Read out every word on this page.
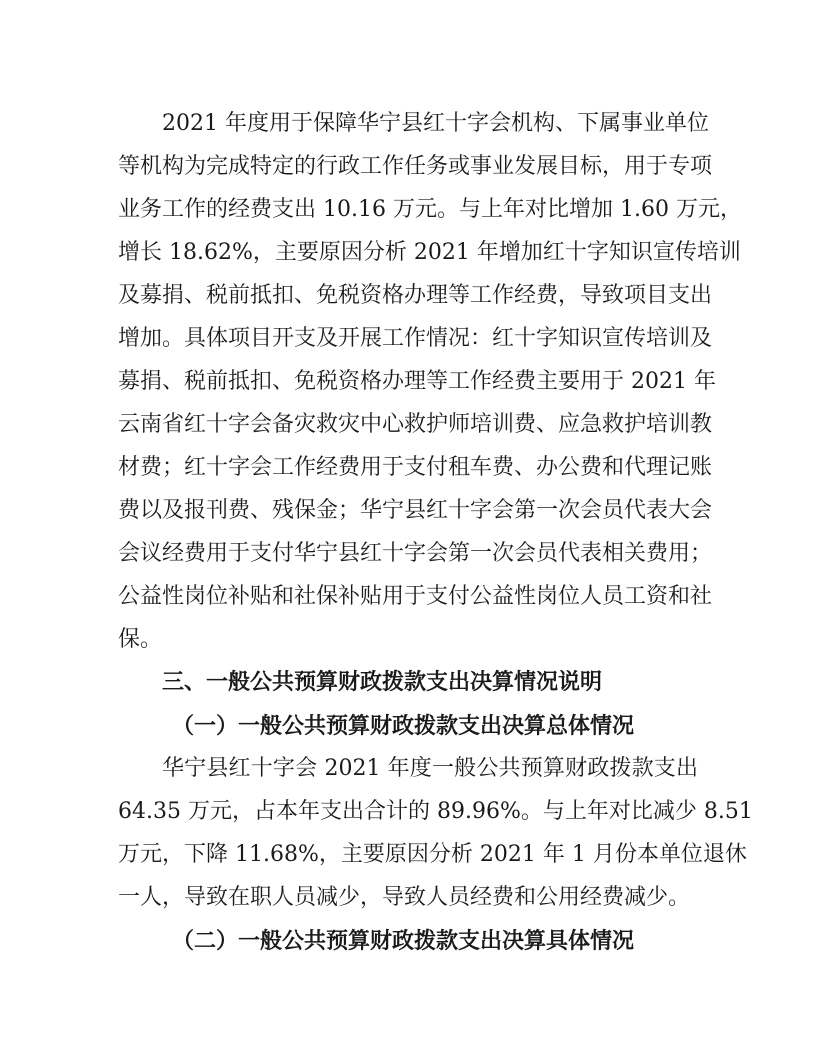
2021 年度用于保障华宁县红十字会机构、下属事业单位
等机构为完成特定的行政工作任务或事业发展目标，用于专项
业务工作的经费支出 10.16 万元。与上年对比增加 1.60 万元，
增长 18.62%，主要原因分析 2021 年增加红十字知识宣传培训
及募捐、税前抵扣、免税资格办理等工作经费，导致项目支出
增加。具体项目开支及开展工作情况：红十字知识宣传培训及
募捐、税前抵扣、免税资格办理等工作经费主要用于 2021 年
云南省红十字会备灾救灾中心救护师培训费、应急救护培训教
材费；红十字会工作经费用于支付租车费、办公费和代理记账
费以及报刊费、残保金；华宁县红十字会第一次会员代表大会
会议经费用于支付华宁县红十字会第一次会员代表相关费用；
公益性岗位补贴和社保补贴用于支付公益性岗位人员工资和社
保。
三、一般公共预算财政拨款支出决算情况说明
（一）一般公共预算财政拨款支出决算总体情况
华宁县红十字会 2021 年度一般公共预算财政拨款支出
64.35 万元，占本年支出合计的 89.96%。与上年对比减少 8.51
万元，下降 11.68%，主要原因分析 2021 年 1 月份本单位退休
一人，导致在职人员减少，导致人员经费和公用经费减少。
（二）一般公共预算财政拨款支出决算具体情况
